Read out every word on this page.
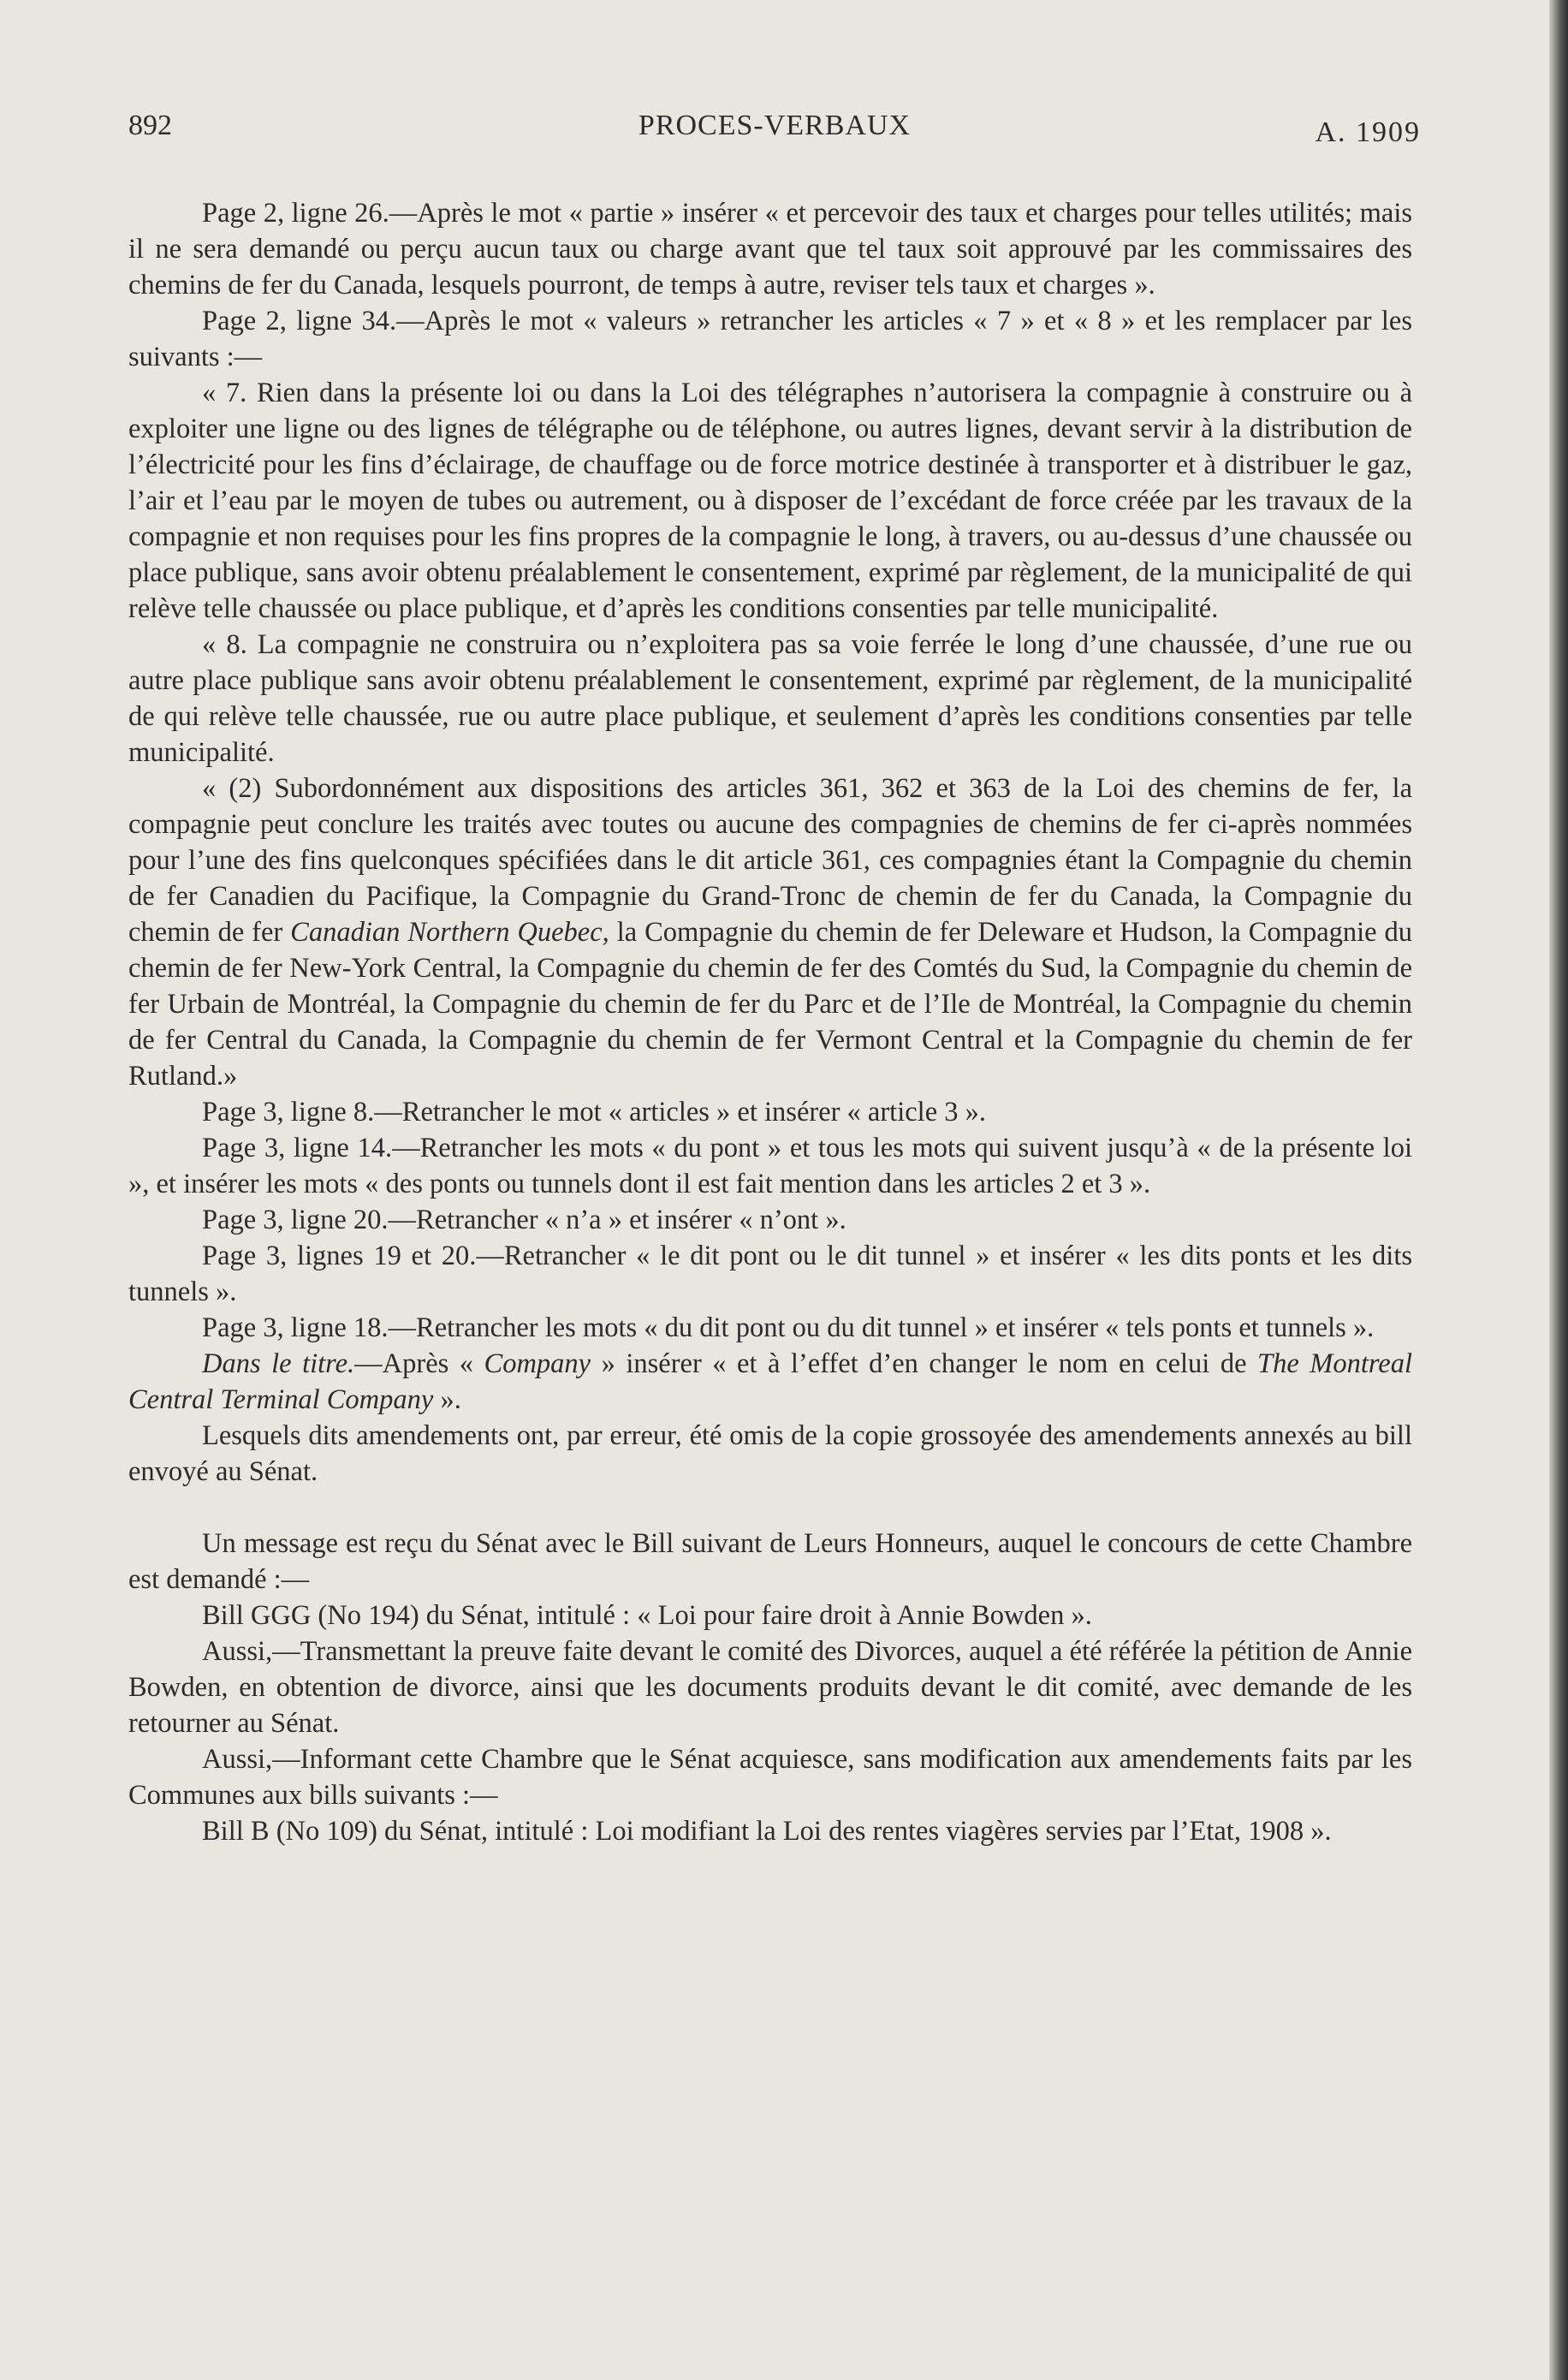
892	PROCES-VERBAUX	A. 1909

Page 2, ligne 26.—Après le mot « partie » insérer « et percevoir des taux et charges pour telles utilités; mais il ne sera demandé ou perçu aucun taux ou charge avant que tel taux soit approuvé par les commissaires des chemins de fer du Canada, lesquels pourront, de temps à autre, reviser tels taux et charges ».

Page 2, ligne 34.—Après le mot « valeurs » retrancher les articles « 7 » et « 8 » et les remplacer par les suivants :—

« 7. Rien dans la présente loi ou dans la Loi des télégraphes n’autorisera la compagnie à construire ou à exploiter une ligne ou des lignes de télégraphe ou de téléphone, ou autres lignes, devant servir à la distribution de l’électricité pour les fins d’éclairage, de chauffage ou de force motrice destinée à transporter et à distribuer le gaz, l’air et l’eau par le moyen de tubes ou autrement, ou à disposer de l’excédant de force créée par les travaux de la compagnie et non requises pour les fins propres de la compagnie le long, à travers, ou au-dessus d’une chaussée ou place publique, sans avoir obtenu préalablement le consentement, exprimé par règlement, de la municipalité de qui relève telle chaussée ou place publique, et d’après les conditions consenties par telle municipalité.

« 8. La compagnie ne construira ou n’exploitera pas sa voie ferrée le long d’une chaussée, d’une rue ou autre place publique sans avoir obtenu préalablement le consentement, exprimé par règlement, de la municipalité de qui relève telle chaussée, rue ou autre place publique, et seulement d’après les conditions consenties par telle municipalité.

« (2) Subordonnément aux dispositions des articles 361, 362 et 363 de la Loi des chemins de fer, la compagnie peut conclure les traités avec toutes ou aucune des compagnies de chemins de fer ci-après nommées pour l’une des fins quelconques spécifiées dans le dit article 361, ces compagnies étant la Compagnie du chemin de fer Canadien du Pacifique, la Compagnie du Grand-Tronc de chemin de fer du Canada, la Compagnie du chemin de fer Canadian Northern Quebec, la Compagnie du chemin de fer Deleware et Hudson, la Compagnie du chemin de fer New-York Central, la Compagnie du chemin de fer des Comtés du Sud, la Compagnie du chemin de fer Urbain de Montréal, la Compagnie du chemin de fer du Parc et de l’Ile de Montréal, la Compagnie du chemin de fer Central du Canada, la Compagnie du chemin de fer Vermont Central et la Compagnie du chemin de fer Rutland.»

Page 3, ligne 8.—Retrancher le mot « articles » et insérer « article 3 ».

Page 3, ligne 14.—Retrancher les mots « du pont » et tous les mots qui suivent jusqu’à « de la présente loi », et insérer les mots « des ponts ou tunnels dont il est fait mention dans les articles 2 et 3 ».

Page 3, ligne 20.—Retrancher « n’a » et insérer « n’ont ».

Page 3, lignes 19 et 20.—Retrancher « le dit pont ou le dit tunnel » et insérer « les dits ponts et les dits tunnels ».

Page 3, ligne 18.—Retrancher les mots « du dit pont ou du dit tunnel » et insérer « tels ponts et tunnels ».

Dans le titre.—Après « Company » insérer « et à l’effet d’en changer le nom en celui de The Montreal Central Terminal Company ».

Lesquels dits amendements ont, par erreur, été omis de la copie grossoyée des amendements annexés au bill envoyé au Sénat.

Un message est reçu du Sénat avec le Bill suivant de Leurs Honneurs, auquel le concours de cette Chambre est demandé :—

Bill GGG (No 194) du Sénat, intitulé : « Loi pour faire droit à Annie Bowden ».

Aussi,—Transmettant la preuve faite devant le comité des Divorces, auquel a été référée la pétition de Annie Bowden, en obtention de divorce, ainsi que les documents produits devant le dit comité, avec demande de les retourner au Sénat.

Aussi,—Informant cette Chambre que le Sénat acquiesce, sans modification aux amendements faits par les Communes aux bills suivants :—

Bill B (No 109) du Sénat, intitulé : Loi modifiant la Loi des rentes viagères servies par l’Etat, 1908 ».
